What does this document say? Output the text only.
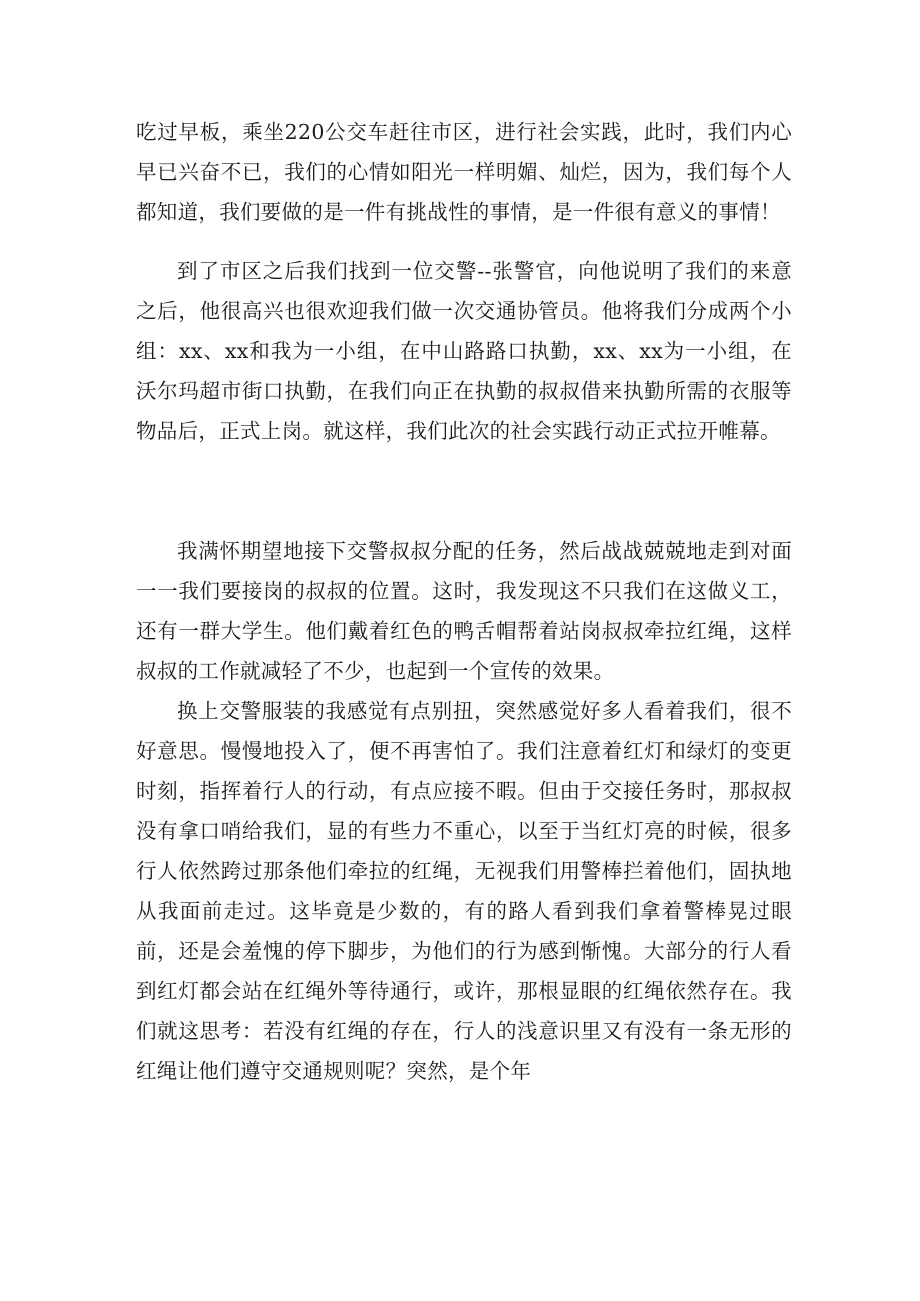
吃过早板，乘坐220公交车赶往市区，进行社会实践，此时，我们内心早已兴奋不已，我们的心情如阳光一样明媚、灿烂，因为，我们每个人都知道，我们要做的是一件有挑战性的事情，是一件很有意义的事情！

到了市区之后我们找到一位交警--张警官，向他说明了我们的来意之后，他很高兴也很欢迎我们做一次交通协管员。他将我们分成两个小组：xx、xx和我为一小组，在中山路路口执勤，xx、xx为一小组，在沃尔玛超市街口执勤，在我们向正在执勤的叔叔借来执勤所需的衣服等物品后，正式上岗。就这样，我们此次的社会实践行动正式拉开帷幕。

我满怀期望地接下交警叔叔分配的任务，然后战战兢兢地走到对面一一我们要接岗的叔叔的位置。这时，我发现这不只我们在这做义工，还有一群大学生。他们戴着红色的鸭舌帽帮着站岗叔叔牵拉红绳，这样叔叔的工作就减轻了不少，也起到一个宣传的效果。

换上交警服装的我感觉有点别扭，突然感觉好多人看着我们，很不好意思。慢慢地投入了，便不再害怕了。我们注意着红灯和绿灯的变更时刻，指挥着行人的行动，有点应接不暇。但由于交接任务时，那叔叔没有拿口哨给我们，显的有些力不重心，以至于当红灯亮的时候，很多行人依然跨过那条他们牵拉的红绳，无视我们用警棒拦着他们，固执地从我面前走过。这毕竟是少数的，有的路人看到我们拿着警棒晃过眼前，还是会羞愧的停下脚步，为他们的行为感到惭愧。大部分的行人看到红灯都会站在红绳外等待通行，或许，那根显眼的红绳依然存在。我们就这思考：若没有红绳的存在，行人的浅意识里又有没有一条无形的红绳让他们遵守交通规则呢？突然，是个年
